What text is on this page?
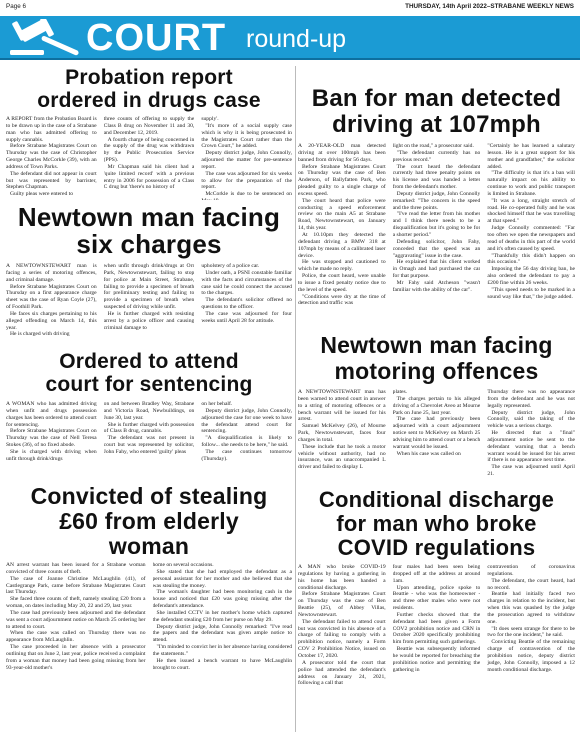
Page 6	THURSDAY, 14th April 2022–STRABANE WEEKLY NEWS
COURT round-up
Probation report
ordered in drugs case

A REPORT from the Probation Board is to be drawn up in the case of a Strabane man who has admitted offering to supply cannabis.

Before Strabane Magistrates Court on Thursday was the case of Christopher George Charles McCorkle (39), with an address of Town Parks.

The defendant did not appear in court but was represented by barrister, Stephen Chapman.

Guilty pleas were entered to

three counts of offering to supply the Class B drug on November 11 and 30, and December 12, 2019.

A fourth charge of being concerned in the supply of the drug was withdrawn by the Public Prosecution Service (PPS).

Mr Chapman said his client had a 'quite limited record' with a previous entry in 2006 for possession of a Class C drug but 'there's no history of

supply'.

"It's more of a social supply case which is why it is being prosecuted in the Magistrates Court rather than the Crown Court," he added.

Deputy district judge, John Connolly, adjourned the matter for pre-sentence report.

The case was adjourned for six weeks to allow for the preparation of the report.

McCorkle is due to be sentenced on

Newtown man facing
six charges

A NEWTOWNSTEWART man is facing a series of motoring offences, and criminal damage.

Before Strabane Magistrates Court on Thursday on a first appearance charge sheet was the case of Ryan Coyle (27), of Foothill Park.

He faces six charges pertaining to his alleged offending on March 14, this year.

He is charged with driving

when unfit through drink/drugs at Orr Park, Newtownstewart, failing to stop for police at Main Street, Strabane, failing to provide a specimen of breath for preliminary testing and failing to provide a specimen of breath when suspected of driving while unfit.

He is further charged with resisting arrest by a police officer and causing criminal damage to

upholstery of a police car.

Under oath, a PSNI constable familiar with the facts and circumstances of the case said he could connect the accused to the charges.

The defendant's solicitor offered no questions to the officer.

The case was adjourned for four weeks until April 28 for attitude.

Ordered to attend
court for sentencing

A WOMAN who has admitted driving when unfit and drugs possession charges has been ordered to attend court for sentencing.

Before Strabane Magistrates Court on Thursday was the case of Nell Teresa Stokes (36), of no fixed abode.

She is charged with driving when unfit through drink/drugs

on and between Bradley Way, Strabane and Victoria Road, Newbuildings, on June 30, last year.

She is further charged with possession of Class B drug, cannabis.

The defendant was not present in court but was represented by solicitor, John Fahy, who entered 'guilty' pleas

on her behalf.

Deputy district judge, John Connolly, adjourned the case for one week to have the defendant attend court for sentencing.

"A disqualification is likely to follow... she needs to be here," he said.

The case continues tomorrow (Thursday).

Convicted of stealing
£60 from elderly
woman

AN arrest warrant has been issued for a Strabane woman convicted of three counts of theft.

The case of Joanne Christine McLaughlin (41), of Castlegrange Park, came before Strabane Magistrates Court last Thursday.

She faced three counts of theft, namely stealing £20 from a woman, on dates including May 20, 22 and 29, last year.

The case had previously been adjourned and the defendant was sent a court adjournment notice on March 25 ordering her to attend to court.

When the case was called on Thursday there was no appearance from McLaughlin.

The case proceeded in her absence with a prosecutor outlining that on June 2, last year, police received a complaint from a woman that money had been going missing from her 93-year-old mother's

home on several occasions.

She stated that she had employed the defendant as a personal assistant for her mother and she believed that she was stealing the money.

The woman's daughter had been monitoring cash in the house and noticed that £20 was going missing after the defendant's attendance.

She installed CCTV in her mother's home which captured the defendant stealing £20 from her purse on May 29.

Deputy district judge, John Connolly remarked: "I've read the papers and the defendant was given ample notice to attend.

"I'm minded to convict her in her absence having considered the statements."

He then issued a bench warrant to have McLaughlin brought to court.

Ban for man detected
driving at 107mph

A 20-YEAR-OLD man detected driving at over 100mph has been banned from driving for 56 days.

Before Strabane Magistrates Court on Thursday was the case of Ben Anderson, of Ballyfatten Park, who pleaded guilty to a single charge of excess speed.

The court heard that police were conducting a speed enforcement review on the main A5 at Strabane Road, Newtownstewart, on January 14, this year.

At 10.10pm they detected the defendant driving a BMW 318 at 107mph by means of a calibrated laser device.

He was stopped and cautioned to which he made no reply.

Police, the court heard, were unable to issue a fixed penalty notice due to the level of the speed.

"Conditions were dry at the time of detection and traffic was

light on the road," a prosecutor said.

"The defendant currently has no previous record."

The court heard the defendant currently had three penalty points on his license and was handed a letter from the defendant's mother.

Deputy district judge, John Connolly remarked: "The concern is the speed and the three points.

"I've read the letter from his mother and I think there needs to be a disqualification but it's going to be for a shorter period."

Defending solicitor, John Fahy, conceded that the speed was an "aggravating" issue in the case.

He explained that his client worked in Omagh and had purchased the car for that purpose.

Mr Fahy said Atcheson "wasn't familiar with the ability of the car".

"Certainly he has learned a salutary lesson. He is a great support for his mother and grandfather," the solicitor added.

"The difficulty is that it's a ban will naturally impact on his ability to continue to work and public transport is limited in Strabane.

"It was a long, straight stretch of road. He co-operated fully and he was shocked himself that he was travelling at that speed."

Judge Connolly commented: "Far too often we open the newspapers and read of deaths in this part of the world and it's often caused by speed.

"Thankfully this didn't happen on this occasion."

Imposing the 56 day driving ban, he also ordered the defendant to pay a £200 fine within 26 weeks.

"This speed needs to be marked in a sound way like that," the judge added.

Newtown man facing
motoring offences

A NEWTOWNSTEWART man has been warned to attend court in answer to a string of motoring offences or a bench warrant will be issued for his arrest.

Samuel McKelvey (26), of Mourne Park, Newtownstewart, faces four charges in total.

These include that he took a motor vehicle without authority, had no insurance, was an unaccompanied L driver and failed to display L

plates.

The charges pertain to his alleged driving of a Chevrolet Aveo at Mourne Park on June 25, last year.

The case had previously been adjourned with a court adjournment notice sent to McKelvey on March 25 advising him to attend court or a bench warrant would be issued.

When his case was called on

Thursday there was no appearance from the defendant and he was not legally represented.

Deputy district judge, John Connolly, said the taking of the vehicle was a serious charge.

He directed that a "final" adjournment notice be sent to the defendant warning that a bench warrant would be issued for his arrest if there is no appearance next time.

The case was adjourned until April 21.

Conditional discharge
for man who broke
COVID regulations

A MAN who broke COVID-19 regulations by having a gathering in his home has been handed a conditional discharge.

Before Strabane Magistrates Court on Thursday was the case of Ben Beattie (25), of Abbey Villas, Newtownstewart.

The defendant failed to attend court but was convicted in his absence of a charge of failing to comply with a prohibition notice, namely a Form COV 2 Prohibition Notice, issued on October 17, 2020.

A prosecutor told the court that police had attended the defendant's address on January 24, 2021, following a call that

four males had been seen being dropped off at the address at around 1am.

Upon attending, police spoke to Beattie - who was the homeowner - and three other males who were not residents.

Further checks showed that the defendant had been given a Form COV2 prohibition notice and CRN in October 2020 specifically prohibiting him from permitting such gatherings.

Beattie was subsequently informed he would be reported for breaching the prohibition notice and permitting the gathering in

contravention of coronavirus regulations.

The defendant, the court heard, had no record.

Beattie had initially faced two charges in relation to the incident, but when this was quashed by the judge the prosecution agreed to withdraw one.

"It does seem strange for there to be two for the one incident," he said.

Convicting Beattie of the remaining charge of contravention of the prohibition notice, deputy district judge, John Connolly, imposed a 12 month conditional discharge.
